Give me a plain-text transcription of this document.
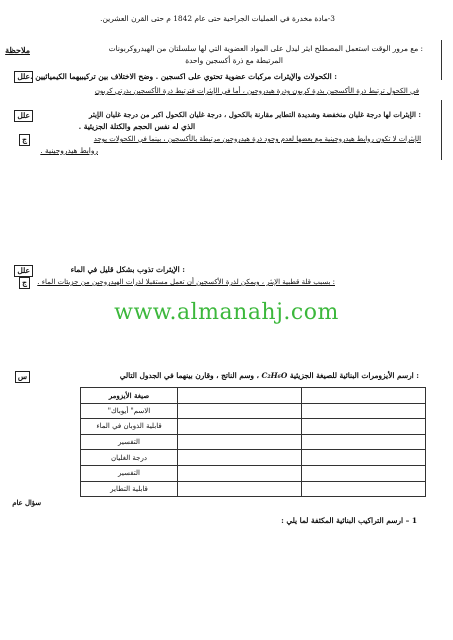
3-مادة مخدرة في العمليات الجراحية حتى عام 1842 م حتى القرن العشرين.
ملاحظة	: مع مرور الوقت استعمل المصطلح ايثر ليدل على المواد العضوية التي لها سلسلتان من الهيدروكربونات
المرتبطة مع ذرة أكسجين واحدة
علل : الكحولات والإيثرات مركبات عضوية تحتوي على اكسجين . وضح الاختلاف بين تركيبيهما الكيميائيين .
في الكحول ترتبط ذرة الأكسجين بذرة كربون وذرة هيدروجين ، أما في الإيثرات فترتبط ذرة الأكسجين بذرتي كربون
علل	: الإيثرات لها درجة غليان منخفضة وشديدة التطاير مقارنة بالكحول ، درجة غليان الكحول اكبر من درجة غليان الإيثر
الذي له نفس الحجم والكتلة الجزيئية .
ج	الإيثرات لا تكون روابط هيدروجينية مع بعضها لعدم وجود ذرة هيدروجين مرتبطة بالأكسجين ، بينما في الكحولات يوجد
روابط هيدروجينية .
علل	: الإيثرات تذوب بشكل قليل في الماء
ج	: بسبب قلة قطبية الإيثر ، ويمكن لذرة الأكسجين أن تعمل مستقبلا لذرات الهيدروجين من جزيئات الماء .
www.almanahj.com
س	: ارسم الأيزومرات البنائية للصيغة الجزيئية C₂H₆O ، وسم الناتج ، وقارن بينهما في الجدول التالي
		صيغة الأيزومر
		الاسم" أيوباك"
		قابلية الذوبان في الماء
		التفسير
		درجة الغليان
		التفسير
		قابلية التطاير
سؤال عام
1 – ارسم التراكيب البنائية المكثفة لما يلي :
